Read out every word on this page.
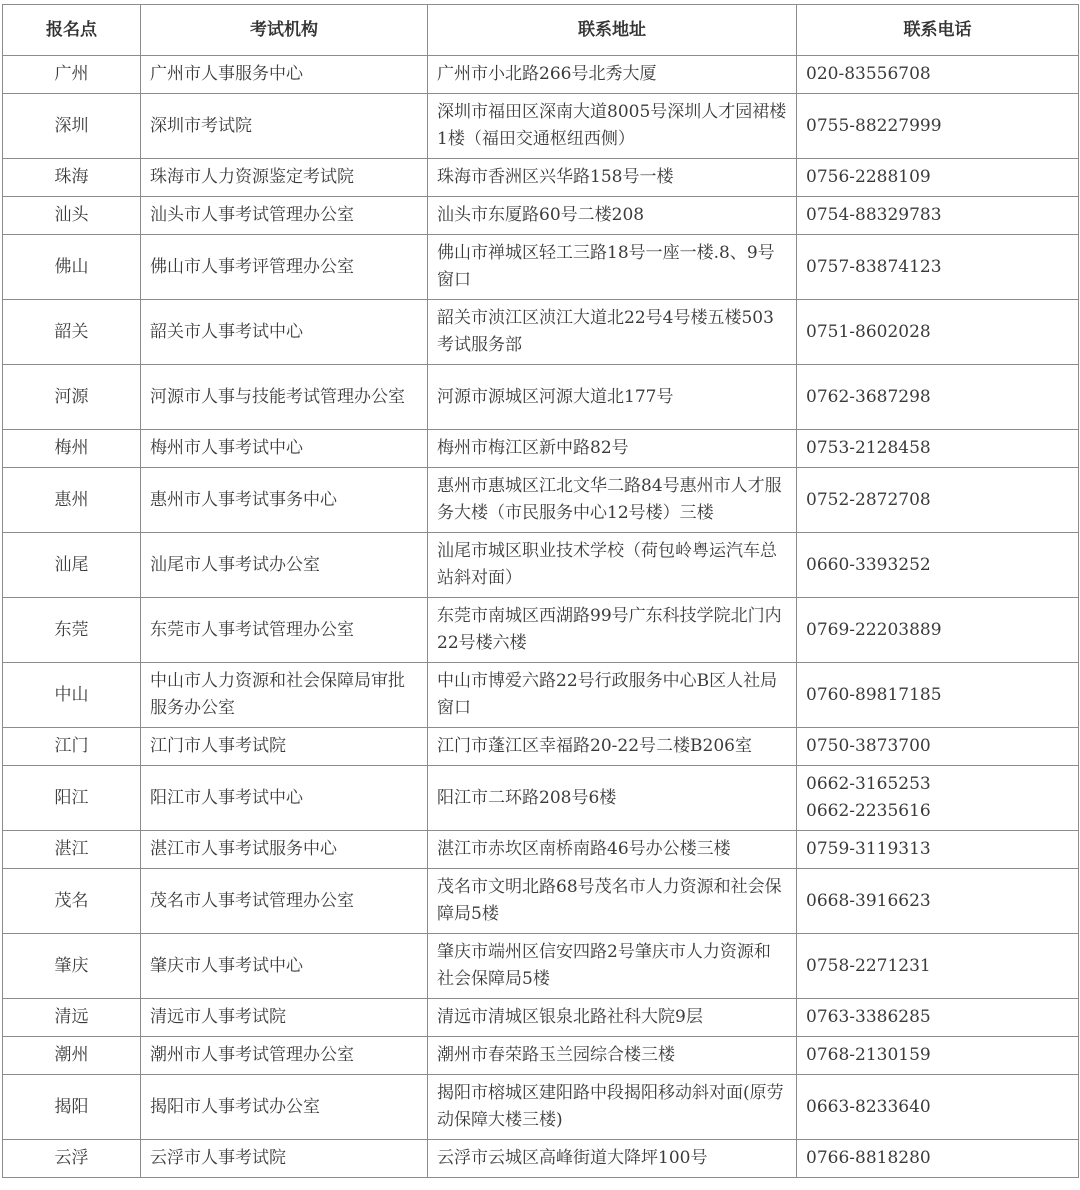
报名点	考试机构	联系地址	联系电话
广州	广州市人事服务中心	广州市小北路266号北秀大厦	020-83556708

深圳	深圳市考试院	深圳市福田区深南大道8005号深圳人才园裙楼1楼（福田交通枢纽西侧）	0755-88227999

珠海	珠海市人力资源鉴定考试院	珠海市香洲区兴华路158号一楼	0756-2288109

汕头	汕头市人事考试管理办公室	汕头市东厦路60号二楼208	0754-88329783

佛山	佛山市人事考评管理办公室	佛山市禅城区轻工三路18号一座一楼.8、9号窗口	0757-83874123

韶关	韶关市人事考试中心	韶关市浈江区浈江大道北22号4号楼五楼503考试服务部	0751-8602028

河源	河源市人事与技能考试管理办公室	河源市源城区河源大道北177号	0762-3687298

梅州	梅州市人事考试中心	梅州市梅江区新中路82号	0753-2128458

惠州	惠州市人事考试事务中心	惠州市惠城区江北文华二路84号惠州市人才服务大楼（市民服务中心12号楼）三楼	0752-2872708

汕尾	汕尾市人事考试办公室	汕尾市城区职业技术学校（荷包岭粤运汽车总站斜对面）	0660-3393252

东莞	东莞市人事考试管理办公室	东莞市南城区西湖路99号广东科技学院北门内22号楼六楼	0769-22203889

中山	中山市人力资源和社会保障局审批服务办公室	中山市博爱六路22号行政服务中心B区人社局窗口	0760-89817185

江门	江门市人事考试院	江门市蓬江区幸福路20-22号二楼B206室	0750-3873700

阳江	阳江市人事考试中心	阳江市二环路208号6楼	0662-3165253
0662-2235616

湛江	湛江市人事考试服务中心	湛江市赤坎区南桥南路46号办公楼三楼	0759-3119313

茂名	茂名市人事考试管理办公室	茂名市文明北路68号茂名市人力资源和社会保障局5楼	0668-3916623

肇庆	肇庆市人事考试中心	肇庆市端州区信安四路2号肇庆市人力资源和社会保障局5楼	0758-2271231

清远	清远市人事考试院	清远市清城区银泉北路社科大院9层	0763-3386285

潮州	潮州市人事考试管理办公室	潮州市春荣路玉兰园综合楼三楼	0768-2130159

揭阳	揭阳市人事考试办公室	揭阳市榕城区建阳路中段揭阳移动斜对面(原劳动保障大楼三楼)	0663-8233640

云浮	云浮市人事考试院	云浮市云城区高峰街道大降坪100号	0766-8818280
